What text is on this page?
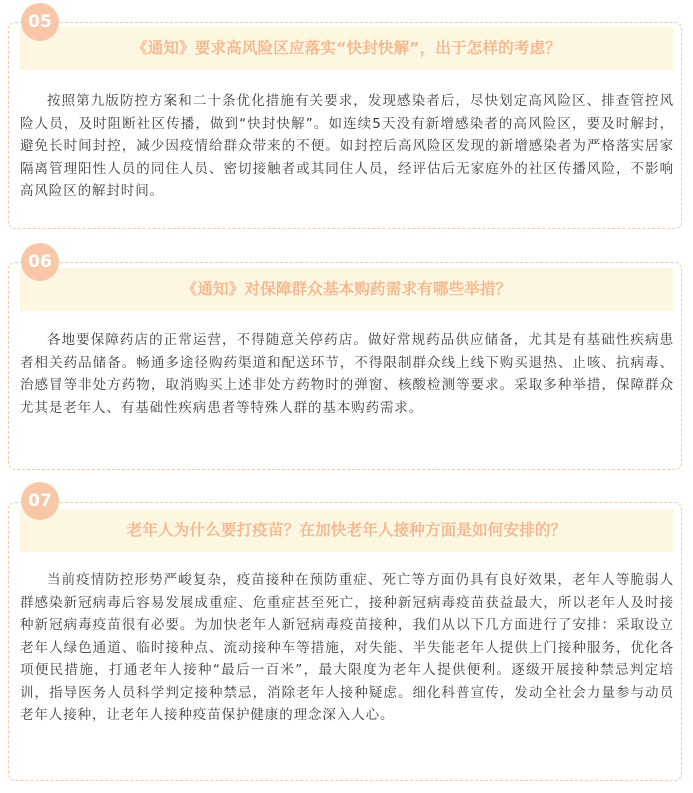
05
《通知》要求高风险区应落实“快封快解”，出于怎样的考虑？

按照第九版防控方案和二十条优化措施有关要求，发现感染者后，尽快划定高风险区、排查管控风险人员，及时阻断社区传播，做到“快封快解”。如连续5天没有新增感染者的高风险区，要及时解封，避免长时间封控，减少因疫情给群众带来的不便。如封控后高风险区发现的新增感染者为严格落实居家隔离管理阳性人员的同住人员、密切接触者或其同住人员，经评估后无家庭外的社区传播风险，不影响高风险区的解封时间。

06
《通知》对保障群众基本购药需求有哪些举措？

各地要保障药店的正常运营，不得随意关停药店。做好常规药品供应储备，尤其是有基础性疾病患者相关药品储备。畅通多途径购药渠道和配送环节，不得限制群众线上线下购买退热、止咳、抗病毒、治感冒等非处方药物，取消购买上述非处方药物时的弹窗、核酸检测等要求。采取多种举措，保障群众尤其是老年人、有基础性疾病患者等特殊人群的基本购药需求。

07
老年人为什么要打疫苗？在加快老年人接种方面是如何安排的？

当前疫情防控形势严峻复杂，疫苗接种在预防重症、死亡等方面仍具有良好效果，老年人等脆弱人群感染新冠病毒后容易发展成重症、危重症甚至死亡，接种新冠病毒疫苗获益最大，所以老年人及时接种新冠病毒疫苗很有必要。为加快老年人新冠病毒疫苗接种，我们从以下几方面进行了安排：采取设立老年人绿色通道、临时接种点、流动接种车等措施，对失能、半失能老年人提供上门接种服务，优化各项便民措施，打通老年人接种“最后一百米”，最大限度为老年人提供便利。逐级开展接种禁忌判定培训，指导医务人员科学判定接种禁忌，消除老年人接种疑虑。细化科普宣传，发动全社会力量参与动员老年人接种，让老年人接种疫苗保护健康的理念深入人心。
